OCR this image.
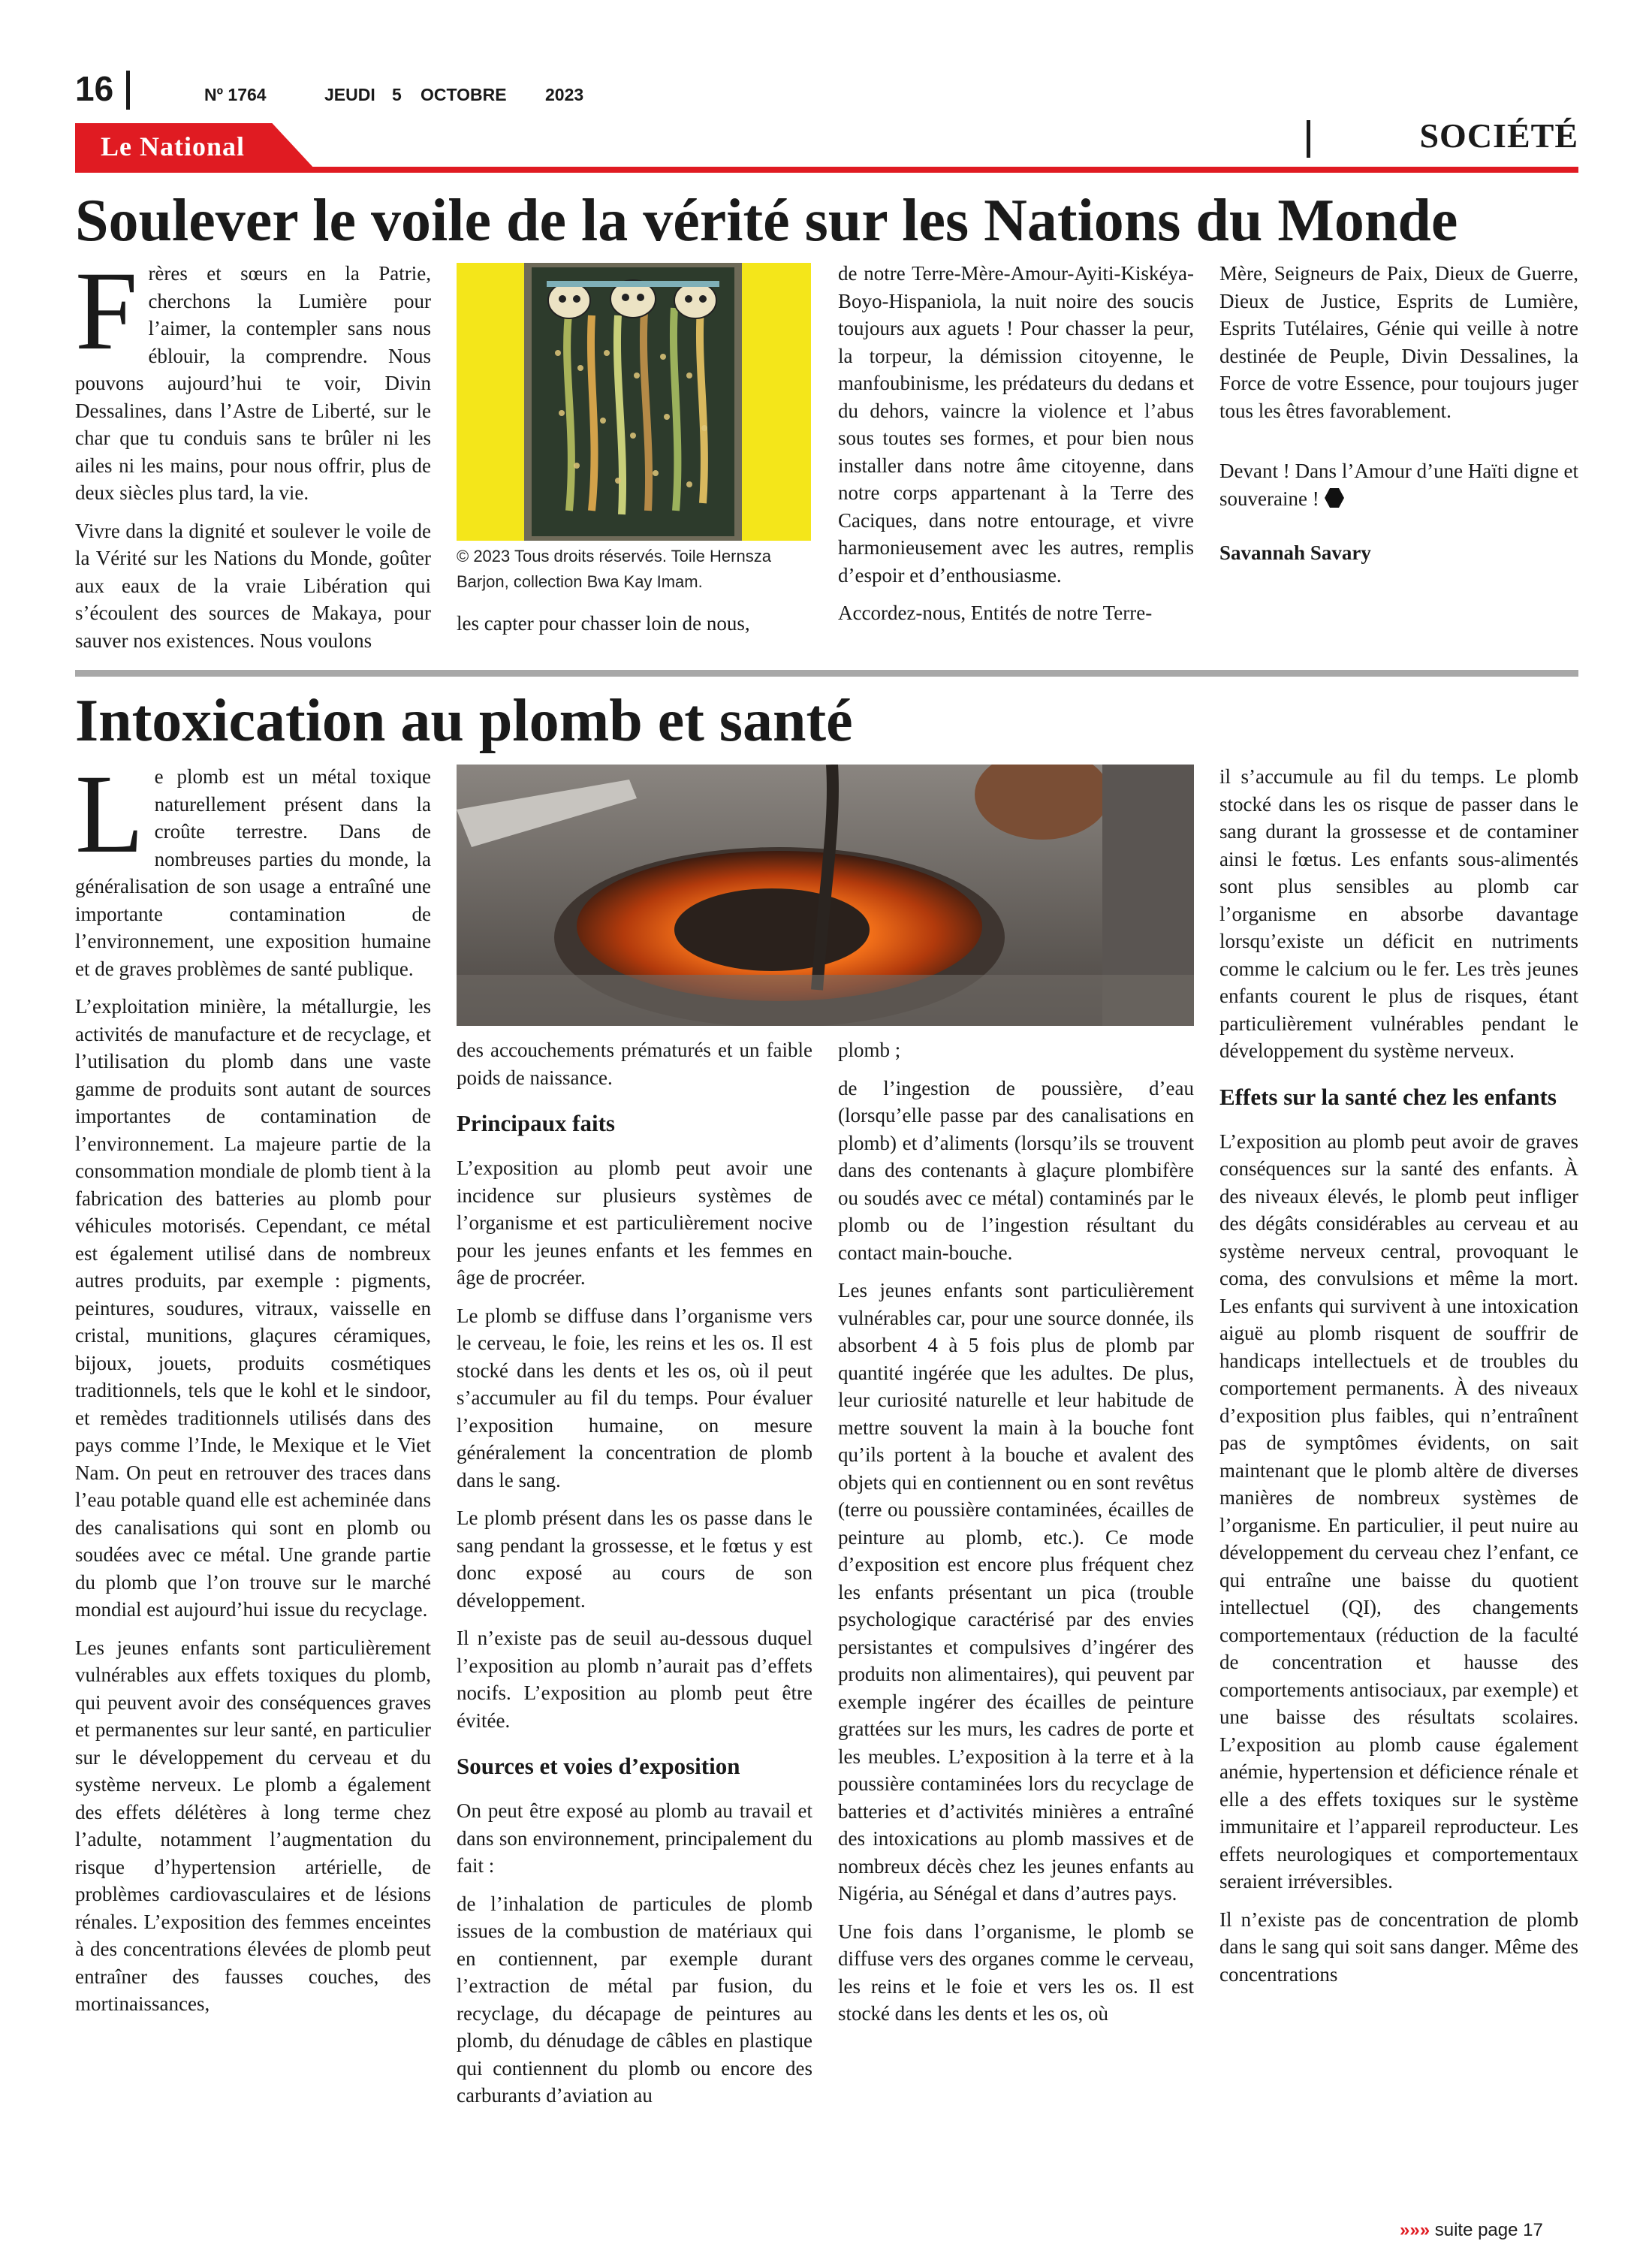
16	Nº 1764	JEUDI 5 OCTOBRE 2023
Le National	SOCIÉTÉ
Soulever le voile de la vérité sur les Nations du Monde

Frères et sœurs en la Patrie, cherchons la Lumière pour l’aimer, la contempler sans nous éblouir, la comprendre. Nous pouvons aujourd’hui te voir, Divin Dessalines, dans l’Astre de Liberté, sur le char que tu conduis sans te brûler ni les ailes ni les mains, pour nous offrir, plus de deux siècles plus tard, la vie.

Vivre dans la dignité et soulever le voile de la Vérité sur les Nations du Monde, goûter aux eaux de la vraie Libération qui s’écoulent des sources de Makaya, pour sauver nos existences. Nous voulons

© 2023 Tous droits réservés. Toile Hernsza Barjon, collection Bwa Kay Imam.

les capter pour chasser loin de nous,

de notre Terre-Mère-Amour-Ayiti-Kiskéya-Boyo-Hispaniola, la nuit noire des soucis toujours aux aguets ! Pour chasser la peur, la torpeur, la démission citoyenne, le manfoubinisme, les prédateurs du dedans et du dehors, vaincre la violence et l’abus sous toutes ses formes, et pour bien nous installer dans notre âme citoyenne, dans notre corps appartenant à la Terre des Caciques, dans notre entourage, et vivre harmonieusement avec les autres, remplis d’espoir et d’enthousiasme.

Accordez-nous, Entités de notre Terre-

Mère, Seigneurs de Paix, Dieux de Guerre, Dieux de Justice, Esprits de Lumière, Esprits Tutélaires, Génie qui veille à notre destinée de Peuple, Divin Dessalines, la Force de votre Essence, pour toujours juger tous les êtres favorablement.

Devant ! Dans l’Amour d’une Haïti digne et souveraine !

Savannah Savary

Intoxication au plomb et santé

Le plomb est un métal toxique naturellement présent dans la croûte terrestre. Dans de nombreuses parties du monde, la généralisation de son usage a entraîné une importante contamination de l’environnement, une exposition humaine et de graves problèmes de santé publique.

L’exploitation minière, la métallurgie, les activités de manufacture et de recyclage, et l’utilisation du plomb dans une vaste gamme de produits sont autant de sources importantes de contamination de l’environnement. La majeure partie de la consommation mondiale de plomb tient à la fabrication des batteries au plomb pour véhicules motorisés. Cependant, ce métal est également utilisé dans de nombreux autres produits, par exemple : pigments, peintures, soudures, vitraux, vaisselle en cristal, munitions, glaçures céramiques, bijoux, jouets, produits cosmétiques traditionnels, tels que le kohl et le sindoor, et remèdes traditionnels utilisés dans des pays comme l’Inde, le Mexique et le Viet Nam. On peut en retrouver des traces dans l’eau potable quand elle est acheminée dans des canalisations qui sont en plomb ou soudées avec ce métal. Une grande partie du plomb que l’on trouve sur le marché mondial est aujourd’hui issue du recyclage.

Les jeunes enfants sont particulièrement vulnérables aux effets toxiques du plomb, qui peuvent avoir des conséquences graves et permanentes sur leur santé, en particulier sur le développement du cerveau et du système nerveux. Le plomb a également des effets délétères à long terme chez l’adulte, notamment l’augmentation du risque d’hypertension artérielle, de problèmes cardiovasculaires et de lésions rénales. L’exposition des femmes enceintes à des concentrations élevées de plomb peut entraîner des fausses couches, des mortinaissances,

des accouchements prématurés et un faible poids de naissance.

Principaux faits

L’exposition au plomb peut avoir une incidence sur plusieurs systèmes de l’organisme et est particulièrement nocive pour les jeunes enfants et les femmes en âge de procréer.

Le plomb se diffuse dans l’organisme vers le cerveau, le foie, les reins et les os. Il est stocké dans les dents et les os, où il peut s’accumuler au fil du temps. Pour évaluer l’exposition humaine, on mesure généralement la concentration de plomb dans le sang.

Le plomb présent dans les os passe dans le sang pendant la grossesse, et le fœtus y est donc exposé au cours de son développement.

Il n’existe pas de seuil au-dessous duquel l’exposition au plomb n’aurait pas d’effets nocifs. L’exposition au plomb peut être évitée.

Sources et voies d’exposition

On peut être exposé au plomb au travail et dans son environnement, principalement du fait :

de l’inhalation de particules de plomb issues de la combustion de matériaux qui en contiennent, par exemple durant l’extraction de métal par fusion, du recyclage, du décapage de peintures au plomb, du dénudage de câbles en plastique qui contiennent du plomb ou encore des carburants d’aviation au

plomb ;

de l’ingestion de poussière, d’eau (lorsqu’elle passe par des canalisations en plomb) et d’aliments (lorsqu’ils se trouvent dans des contenants à glaçure plombifère ou soudés avec ce métal) contaminés par le plomb ou de l’ingestion résultant du contact main-bouche.

Les jeunes enfants sont particulièrement vulnérables car, pour une source donnée, ils absorbent 4 à 5 fois plus de plomb par quantité ingérée que les adultes. De plus, leur curiosité naturelle et leur habitude de mettre souvent la main à la bouche font qu’ils portent à la bouche et avalent des objets qui en contiennent ou en sont revêtus (terre ou poussière contaminées, écailles de peinture au plomb, etc.). Ce mode d’exposition est encore plus fréquent chez les enfants présentant un pica (trouble psychologique caractérisé par des envies persistantes et compulsives d’ingérer des produits non alimentaires), qui peuvent par exemple ingérer des écailles de peinture grattées sur les murs, les cadres de porte et les meubles. L’exposition à la terre et à la poussière contaminées lors du recyclage de batteries et d’activités minières a entraîné des intoxications au plomb massives et de nombreux décès chez les jeunes enfants au Nigéria, au Sénégal et dans d’autres pays.

Une fois dans l’organisme, le plomb se diffuse vers des organes comme le cerveau, les reins et le foie et vers les os. Il est stocké dans les dents et les os, où

il s’accumule au fil du temps. Le plomb stocké dans les os risque de passer dans le sang durant la grossesse et de contaminer ainsi le fœtus. Les enfants sous-alimentés sont plus sensibles au plomb car l’organisme en absorbe davantage lorsqu’existe un déficit en nutriments comme le calcium ou le fer. Les très jeunes enfants courent le plus de risques, étant particulièrement vulnérables pendant le développement du système nerveux.

Effets sur la santé chez les enfants

L’exposition au plomb peut avoir de graves conséquences sur la santé des enfants. À des niveaux élevés, le plomb peut infliger des dégâts considérables au cerveau et au système nerveux central, provoquant le coma, des convulsions et même la mort. Les enfants qui survivent à une intoxication aiguë au plomb risquent de souffrir de handicaps intellectuels et de troubles du comportement permanents. À des niveaux d’exposition plus faibles, qui n’entraînent pas de symptômes évidents, on sait maintenant que le plomb altère de diverses manières de nombreux systèmes de l’organisme. En particulier, il peut nuire au développement du cerveau chez l’enfant, ce qui entraîne une baisse du quotient intellectuel (QI), des changements comportementaux (réduction de la faculté de concentration et hausse des comportements antisociaux, par exemple) et une baisse des résultats scolaires. L’exposition au plomb cause également anémie, hypertension et déficience rénale et elle a des effets toxiques sur le système immunitaire et l’appareil reproducteur. Les effets neurologiques et comportementaux seraient irréversibles.

Il n’existe pas de concentration de plomb dans le sang qui soit sans danger. Même des concentrations

»»» suite page 17
